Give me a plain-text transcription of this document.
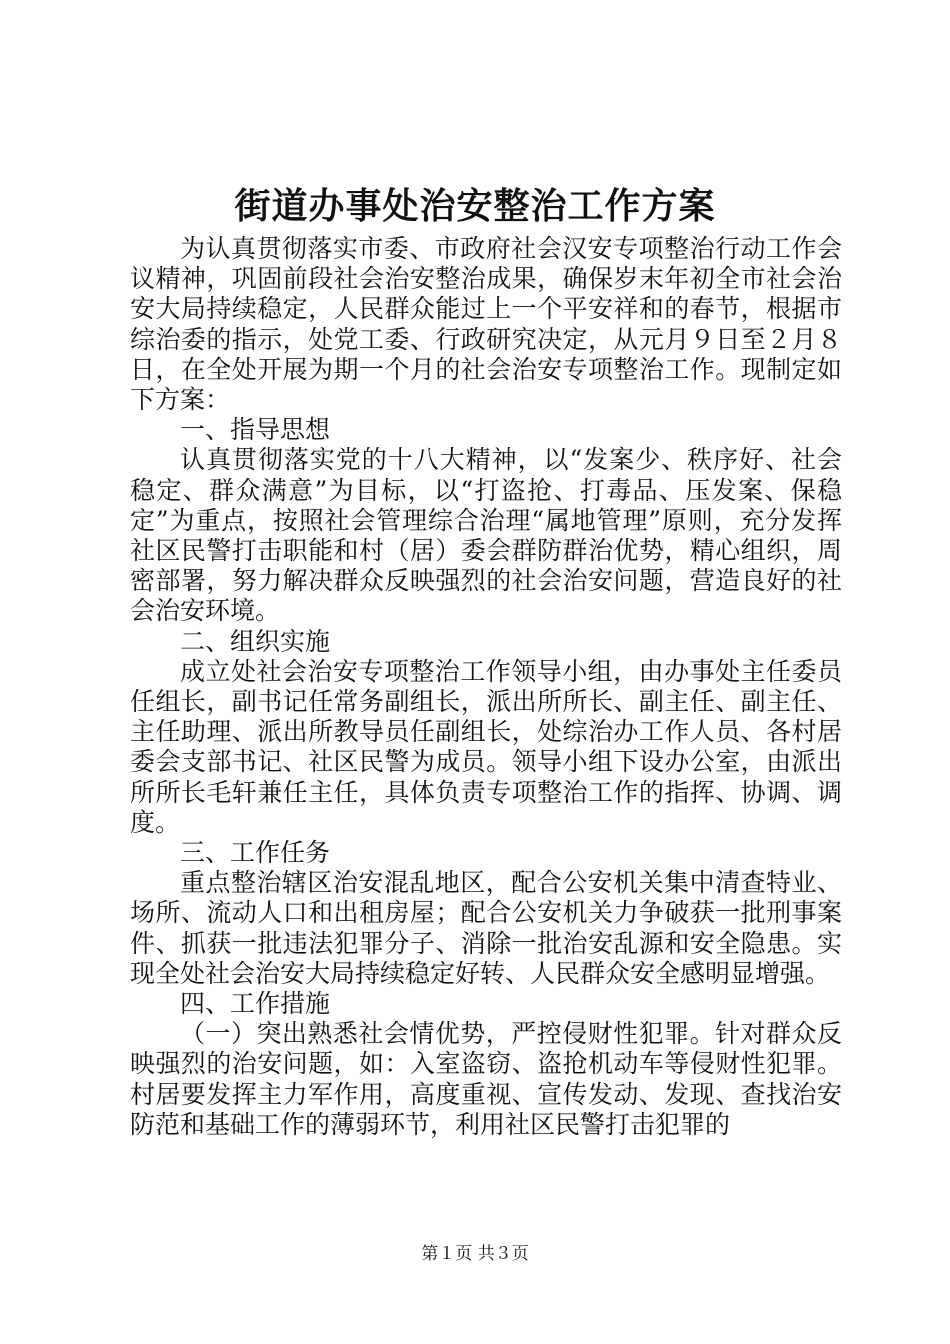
街道办事处治安整治工作方案

为认真贯彻落实市委、市政府社会汉安专项整治行动工作会议精神，巩固前段社会治安整治成果，确保岁末年初全市社会治安大局持续稳定，人民群众能过上一个平安祥和的春节，根据市综治委的指示，处党工委、行政研究决定，从元月９日至２月８日，在全处开展为期一个月的社会治安专项整治工作。现制定如下方案：

一、指导思想

认真贯彻落实党的十八大精神，以“发案少、秩序好、社会稳定、群众满意”为目标，以“打盗抢、打毒品、压发案、保稳定”为重点，按照社会管理综合治理“属地管理”原则，充分发挥社区民警打击职能和村（居）委会群防群治优势，精心组织，周密部署，努力解决群众反映强烈的社会治安问题，营造良好的社会治安环境。

二、组织实施

成立处社会治安专项整治工作领导小组，由办事处主任委员任组长，副书记任常务副组长，派出所所长、副主任、副主任、主任助理、派出所教导员任副组长，处综治办工作人员、各村居委会支部书记、社区民警为成员。领导小组下设办公室，由派出所所长毛轩兼任主任，具体负责专项整治工作的指挥、协调、调度。

三、工作任务

重点整治辖区治安混乱地区，配合公安机关集中清查特业、场所、流动人口和出租房屋；配合公安机关力争破获一批刑事案件、抓获一批违法犯罪分子、消除一批治安乱源和安全隐患。实现全处社会治安大局持续稳定好转、人民群众安全感明显增强。

四、工作措施

（一）突出熟悉社会情优势，严控侵财性犯罪。针对群众反映强烈的治安问题，如：入室盗窃、盗抢机动车等侵财性犯罪。村居要发挥主力军作用，高度重视、宣传发动、发现、查找治安防范和基础工作的薄弱环节，利用社区民警打击犯罪的

第１页 共３页
